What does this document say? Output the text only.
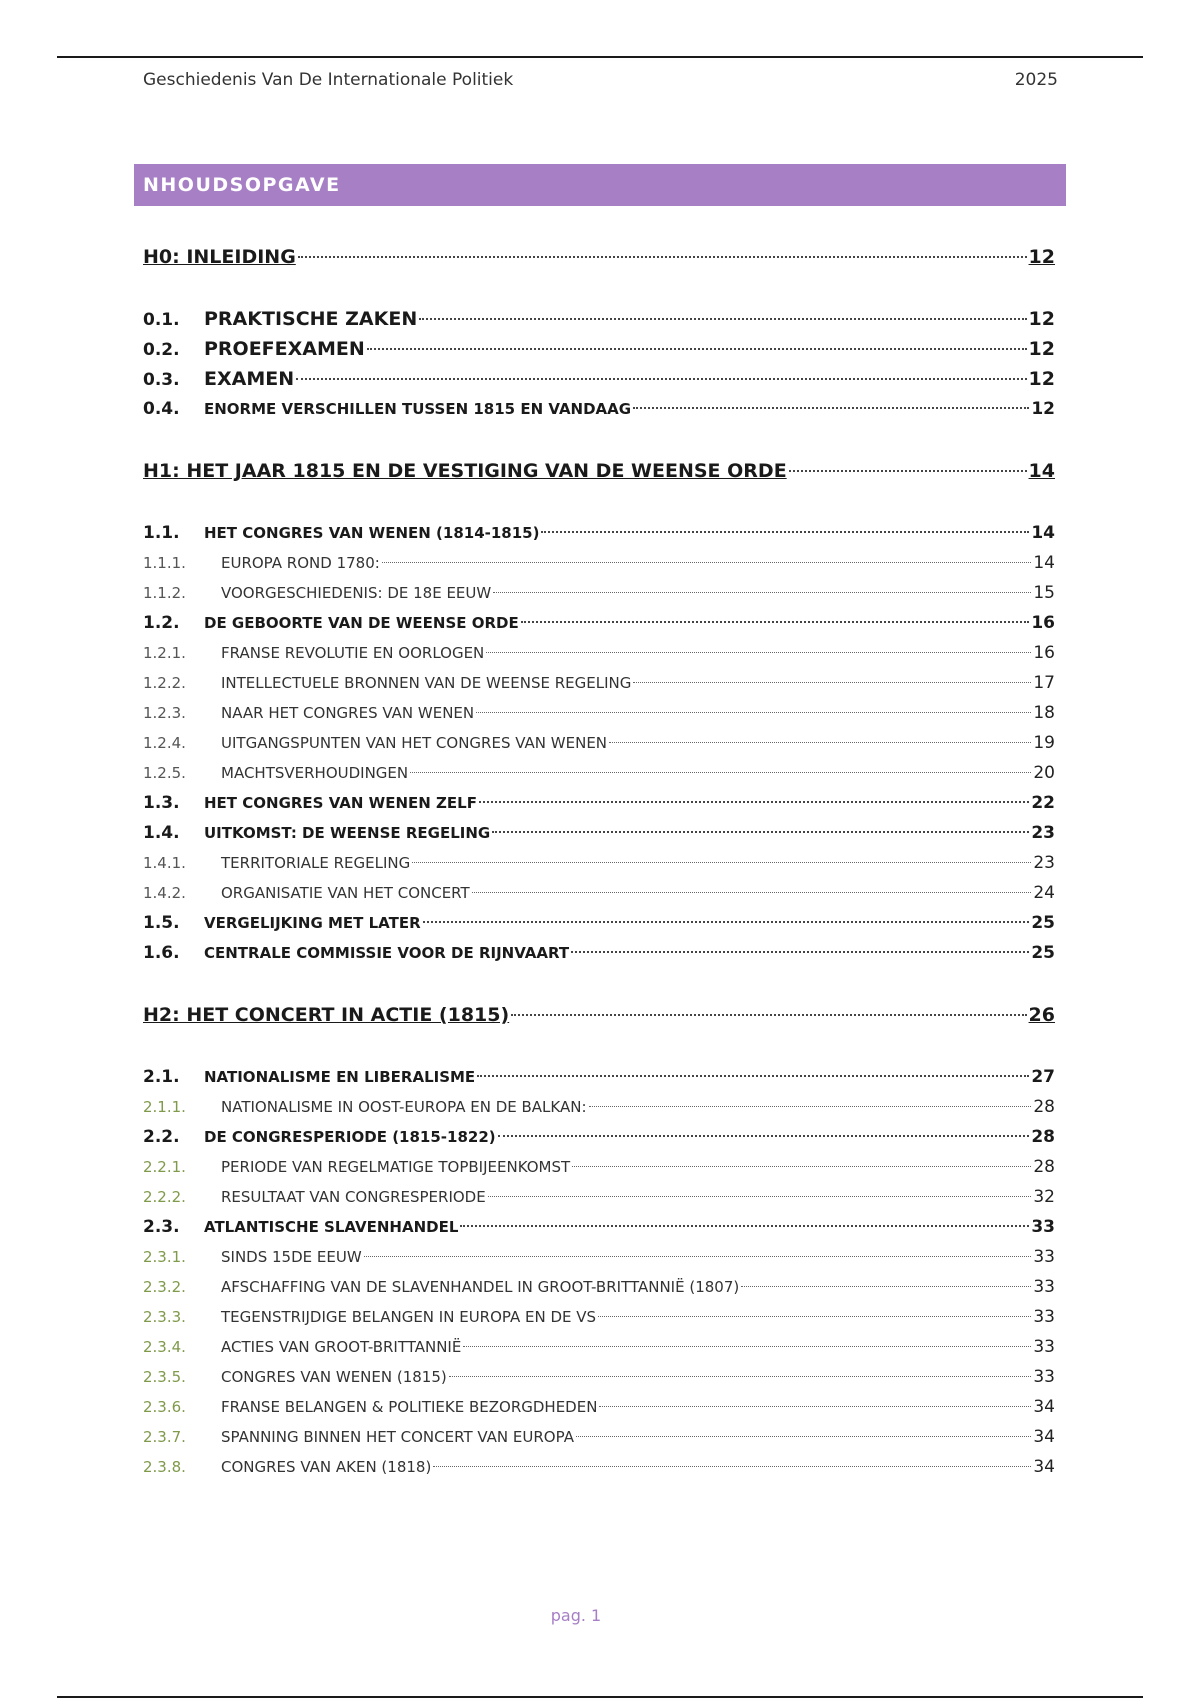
Geschiedenis Van De Internationale Politiek	2025
NHOUDSOPGAVE
H0: INLEIDING	12
0.1.	PRAKTISCHE ZAKEN	12
0.2.	PROEFEXAMEN	12
0.3.	EXAMEN	12
0.4.	ENORME VERSCHILLEN TUSSEN 1815 EN VANDAAG	12
H1: HET JAAR 1815 EN DE VESTIGING VAN DE WEENSE ORDE	14
1.1.	HET CONGRES VAN WENEN (1814-1815)	14
1.1.1.	EUROPA ROND 1780:	14
1.1.2.	VOORGESCHIEDENIS: DE 18E EEUW	15
1.2.	DE GEBOORTE VAN DE WEENSE ORDE	16
1.2.1.	FRANSE REVOLUTIE EN OORLOGEN	16
1.2.2.	INTELLECTUELE BRONNEN VAN DE WEENSE REGELING	17
1.2.3.	NAAR HET CONGRES VAN WENEN	18
1.2.4.	UITGANGSPUNTEN VAN HET CONGRES VAN WENEN	19
1.2.5.	MACHTSVERHOUDINGEN	20
1.3.	HET CONGRES VAN WENEN ZELF	22
1.4.	UITKOMST: DE WEENSE REGELING	23
1.4.1.	TERRITORIALE REGELING	23
1.4.2.	ORGANISATIE VAN HET CONCERT	24
1.5.	VERGELIJKING MET LATER	25
1.6.	CENTRALE COMMISSIE VOOR DE RIJNVAART	25
H2: HET CONCERT IN ACTIE (1815)	26
2.1.	NATIONALISME EN LIBERALISME	27
2.1.1.	NATIONALISME IN OOST-EUROPA EN DE BALKAN:	28
2.2.	DE CONGRESPERIODE (1815-1822)	28
2.2.1.	PERIODE VAN REGELMATIGE TOPBIJEENKOMST	28
2.2.2.	RESULTAAT VAN CONGRESPERIODE	32
2.3.	ATLANTISCHE SLAVENHANDEL	33
2.3.1.	SINDS 15DE EEUW	33
2.3.2.	AFSCHAFFING VAN DE SLAVENHANDEL IN GROOT-BRITTANNIË (1807)	33
2.3.3.	TEGENSTRIJDIGE BELANGEN IN EUROPA EN DE VS	33
2.3.4.	ACTIES VAN GROOT-BRITTANNIË	33
2.3.5.	CONGRES VAN WENEN (1815)	33
2.3.6.	FRANSE BELANGEN & POLITIEKE BEZORGDHEDEN	34
2.3.7.	SPANNING BINNEN HET CONCERT VAN EUROPA	34
2.3.8.	CONGRES VAN AKEN (1818)	34
pag. 1
